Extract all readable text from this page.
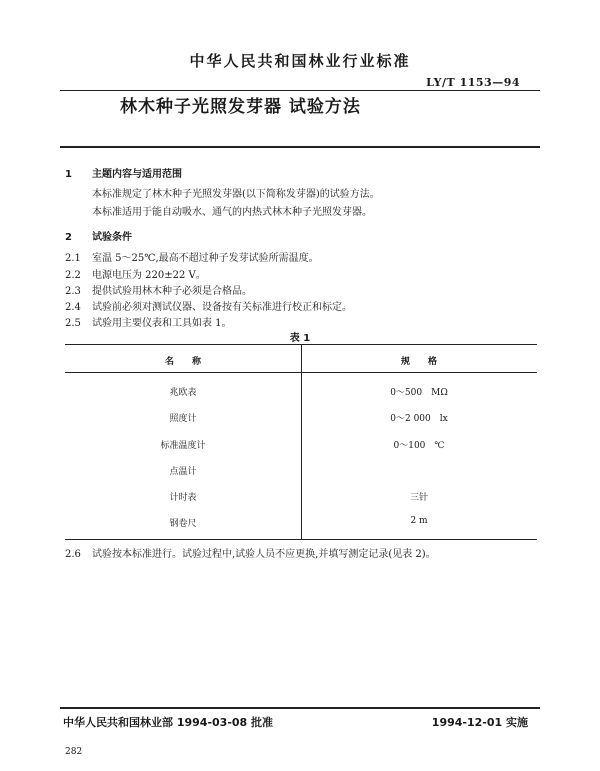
中华人民共和国林业行业标准
LY/T 1153—94
林木种子光照发芽器 试验方法
1 主题内容与适用范围
本标准规定了林木种子光照发芽器(以下简称发芽器)的试验方法。
本标准适用于能自动吸水、通气的内热式林木种子光照发芽器。
2 试验条件
2.1 室温 5～25℃,最高不超过种子发芽试验所需温度。
2.2 电源电压为 220±22 V。
2.3 提供试验用林木种子必须是合格品。
2.4 试验前必须对测试仪器、设备按有关标准进行校正和标定。
2.5 试验用主要仪表和工具如表 1。
表 1
名　　称	规　　格
兆欧表	0～500　MΩ
照度计	0～2 000　lx
标准温度计	0～100　℃
点温计
计时表	三针
钢卷尺	2 m
2.6 试验按本标准进行。试验过程中,试验人员不应更换,并填写测定记录(见表 2)。
中华人民共和国林业部 1994-03-08 批准	1994-12-01 实施
282
